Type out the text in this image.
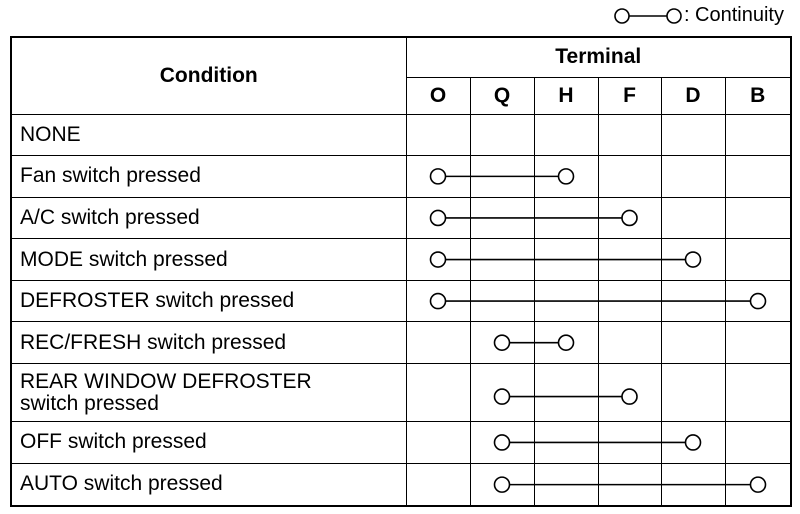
: Continuity
Condition	Terminal					
	O	Q	H	F	D	B
NONE						
Fan switch pressed						
A/C switch pressed						
MODE switch pressed						
DEFROSTER switch pressed						
REC/FRESH switch pressed						

REAR WINDOW DEFROSTER
switch pressed						

OFF switch pressed						
AUTO switch pressed						
